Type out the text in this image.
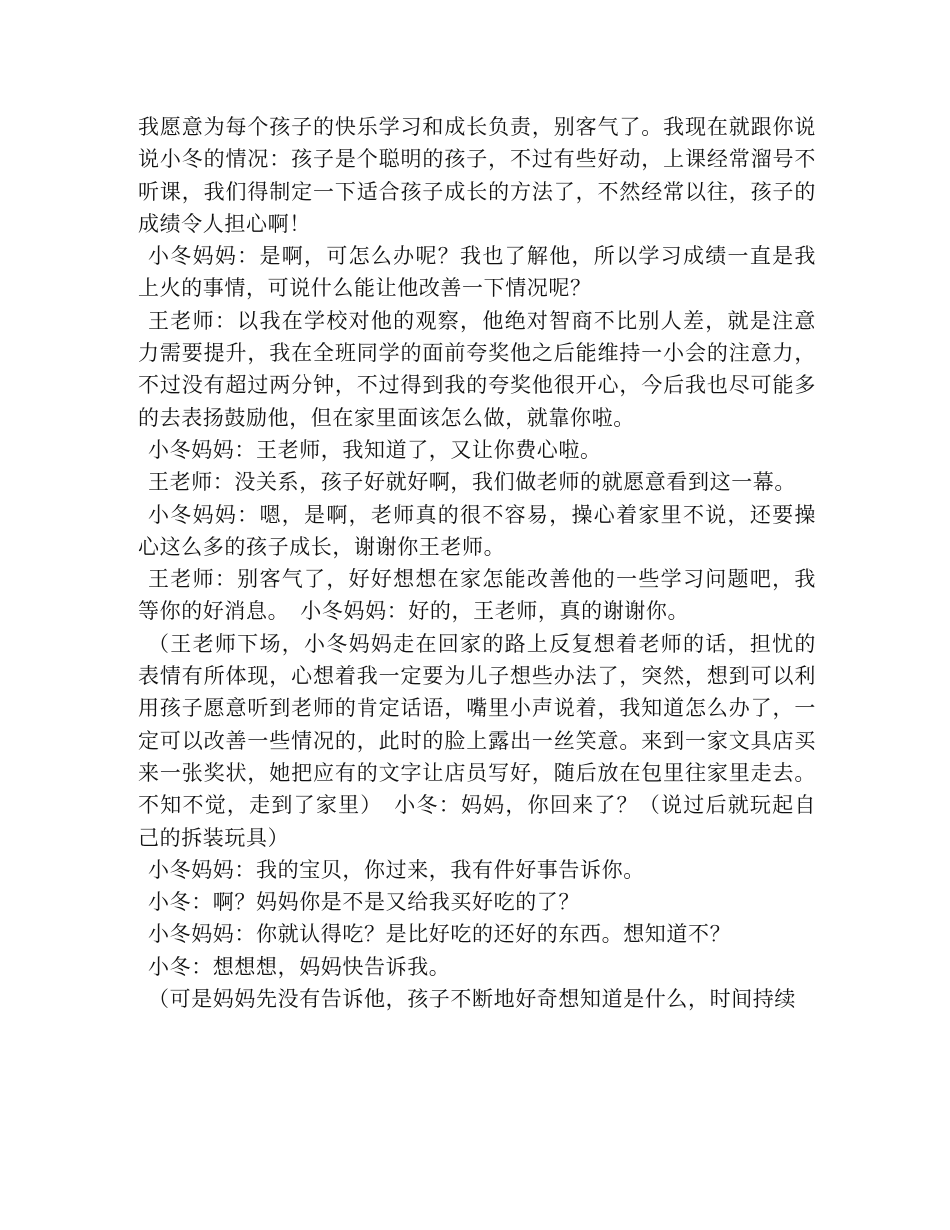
我愿意为每个孩子的快乐学习和成长负责，别客气了。我现在就跟你说说小冬的情况：孩子是个聪明的孩子，不过有些好动，上课经常溜号不听课，我们得制定一下适合孩子成长的方法了，不然经常以往，孩子的成绩令人担心啊！

小冬妈妈：是啊，可怎么办呢？我也了解他，所以学习成绩一直是我上火的事情，可说什么能让他改善一下情况呢？

王老师：以我在学校对他的观察，他绝对智商不比别人差，就是注意力需要提升，我在全班同学的面前夸奖他之后能维持一小会的注意力，不过没有超过两分钟，不过得到我的夸奖他很开心，今后我也尽可能多的去表扬鼓励他，但在家里面该怎么做，就靠你啦。

小冬妈妈：王老师，我知道了，又让你费心啦。

王老师：没关系，孩子好就好啊，我们做老师的就愿意看到这一幕。

小冬妈妈：嗯，是啊，老师真的很不容易，操心着家里不说，还要操心这么多的孩子成长，谢谢你王老师。

王老师：别客气了，好好想想在家怎能改善他的一些学习问题吧，我等你的好消息。　小冬妈妈：好的，王老师，真的谢谢你。

（王老师下场，小冬妈妈走在回家的路上反复想着老师的话，担忧的表情有所体现，心想着我一定要为儿子想些办法了，突然，想到可以利用孩子愿意听到老师的肯定话语，嘴里小声说着，我知道怎么办了，一定可以改善一些情况的，此时的脸上露出一丝笑意。来到一家文具店买来一张奖状，她把应有的文字让店员写好，随后放在包里往家里走去。不知不觉，走到了家里）　小冬：妈妈，你回来了？（说过后就玩起自己的拆装玩具）

小冬妈妈：我的宝贝，你过来，我有件好事告诉你。

小冬：啊？妈妈你是不是又给我买好吃的了？

小冬妈妈：你就认得吃？是比好吃的还好的东西。想知道不？

小冬：想想想，妈妈快告诉我。

（可是妈妈先没有告诉他，孩子不断地好奇想知道是什么，时间持续
